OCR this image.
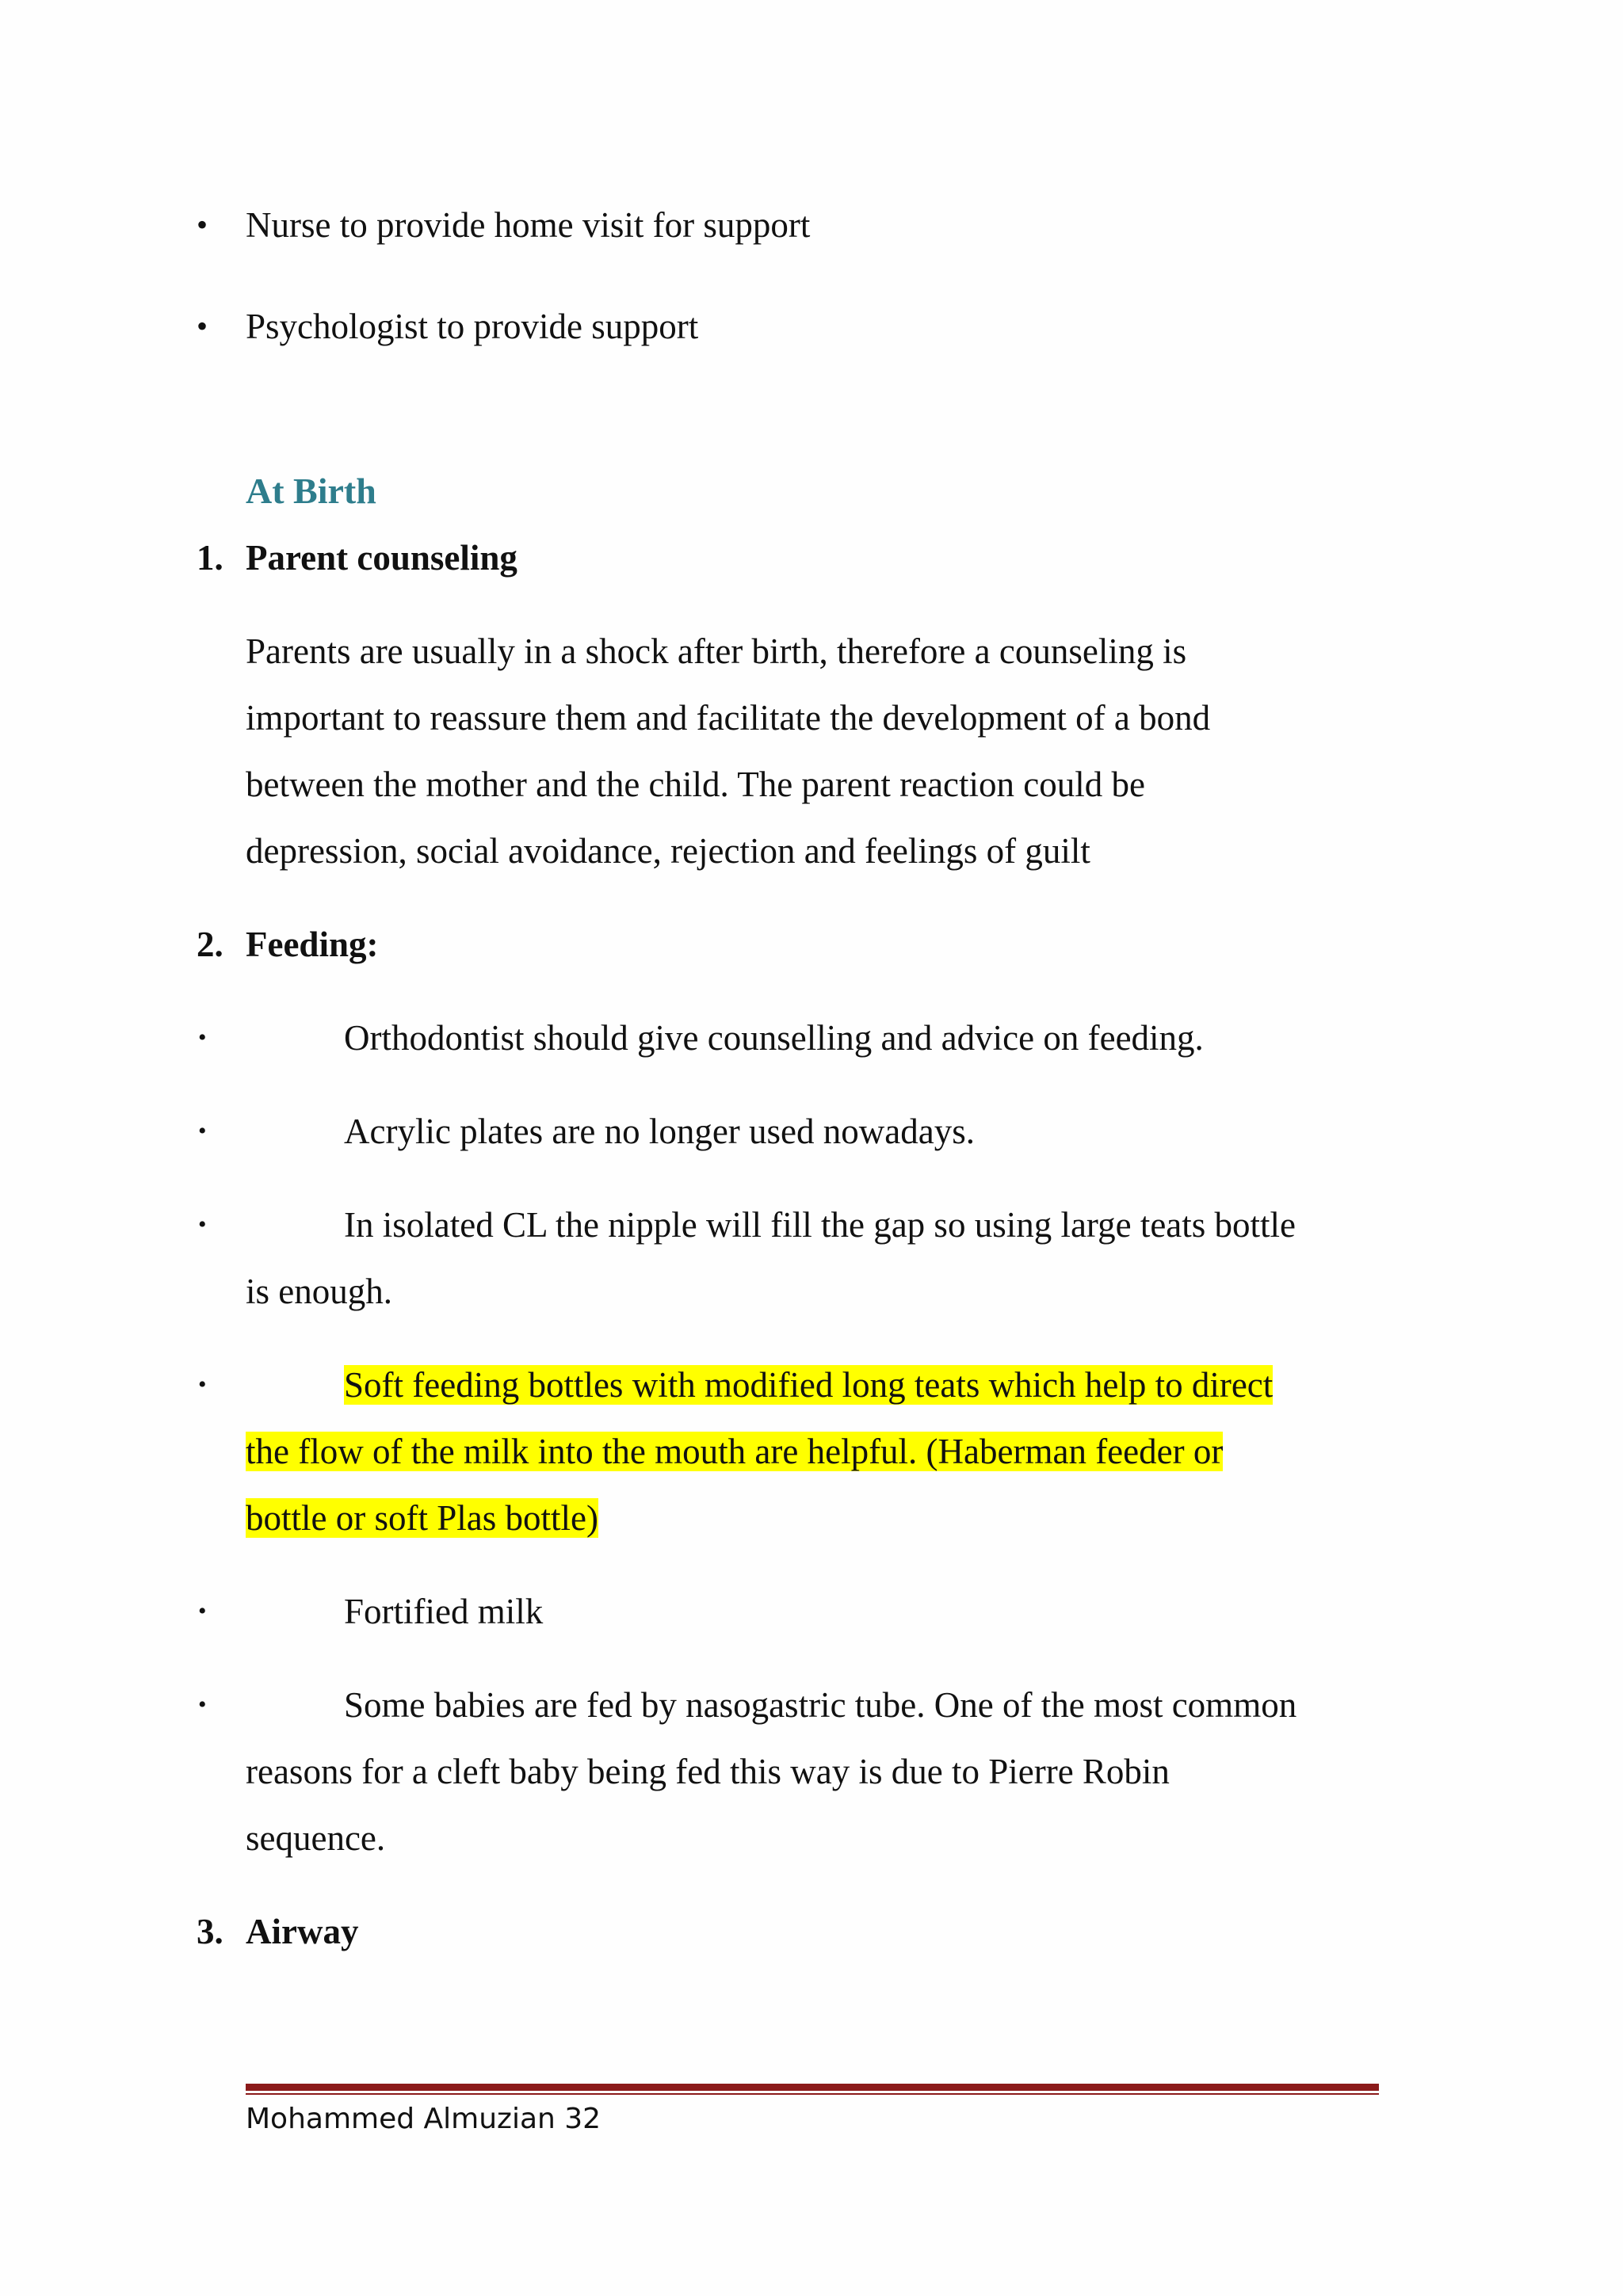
• Nurse to provide home visit for support
• Psychologist to provide support
At Birth
1. Parent counseling
Parents are usually in a shock after birth, therefore a counseling is
important to reassure them and facilitate the development of a bond
between the mother and the child. The parent reaction could be
depression, social avoidance, rejection and feelings of guilt
2. Feeding:
•	Orthodontist should give counselling and advice on feeding.
•	Acrylic plates are no longer used nowadays.
•	In isolated CL the nipple will fill the gap so using large teats bottle
is enough.
•	Soft feeding bottles with modified long teats which help to direct
the flow of the milk into the mouth are helpful. (Haberman feeder or
bottle or soft Plas bottle)
•	Fortified milk
•	Some babies are fed by nasogastric tube. One of the most common
reasons for a cleft baby being fed this way is due to Pierre Robin
sequence.
3. Airway
Mohammed Almuzian 32
